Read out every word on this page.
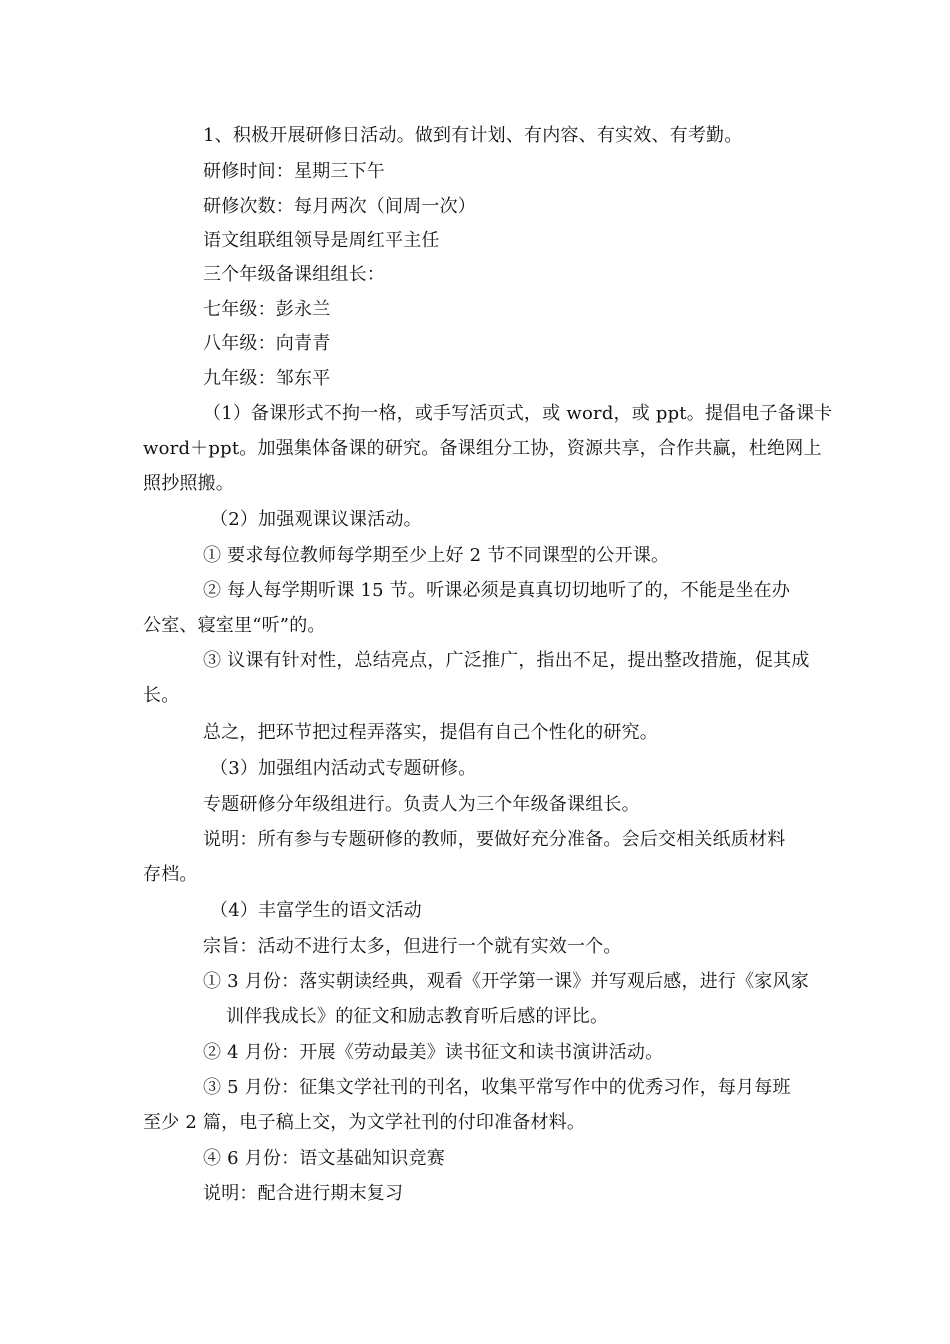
1、积极开展研修日活动。做到有计划、有内容、有实效、有考勤。
研修时间：星期三下午
研修次数：每月两次（间周一次）
语文组联组领导是周红平主任
三个年级备课组组长：
七年级：彭永兰
八年级：向青青
九年级：邹东平
（1）备课形式不拘一格，或手写活页式，或 word，或 ppt。提倡电子备课卡
word＋ppt。加强集体备课的研究。备课组分工协，资源共享，合作共赢，杜绝网上
照抄照搬。
（2）加强观课议课活动。
① 要求每位教师每学期至少上好 2 节不同课型的公开课。
② 每人每学期听课 15 节。听课必须是真真切切地听了的，不能是坐在办
公室、寝室里“听”的。
③ 议课有针对性，总结亮点，广泛推广，指出不足，提出整改措施，促其成
长。
总之，把环节把过程弄落实，提倡有自己个性化的研究。
（3）加强组内活动式专题研修。
专题研修分年级组进行。负责人为三个年级备课组长。
说明：所有参与专题研修的教师，要做好充分准备。会后交相关纸质材料
存档。
（4）丰富学生的语文活动
宗旨：活动不进行太多，但进行一个就有实效一个。
① 3 月份：落实朝读经典，观看《开学第一课》并写观后感，进行《家风家
训伴我成长》的征文和励志教育听后感的评比。
② 4 月份：开展《劳动最美》读书征文和读书演讲活动。
③ 5 月份：征集文学社刊的刊名，收集平常写作中的优秀习作，每月每班
至少 2 篇，电子稿上交，为文学社刊的付印准备材料。
④ 6 月份：语文基础知识竞赛
说明：配合进行期末复习
